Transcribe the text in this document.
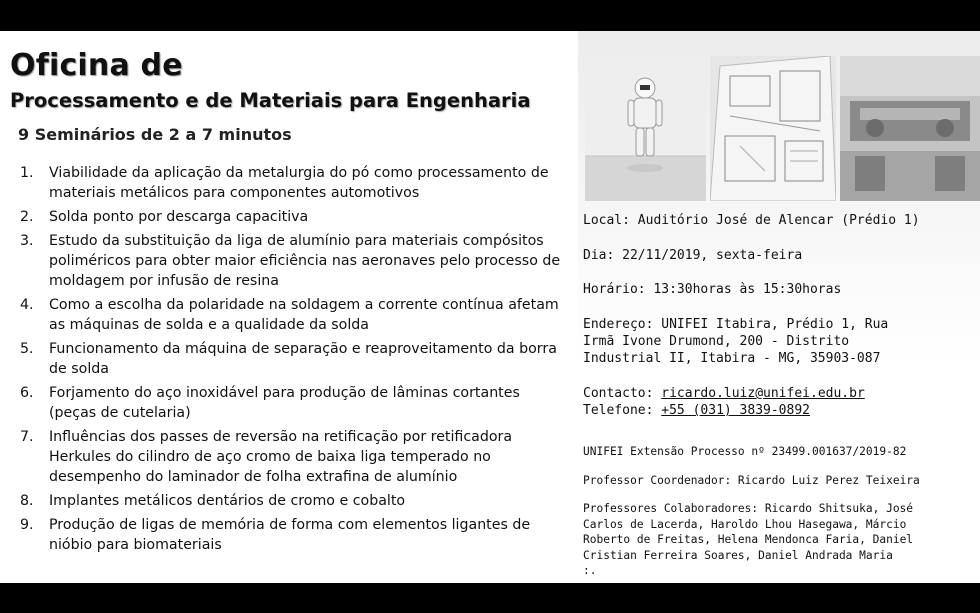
Oficina de
Processamento e de Materiais para Engenharia
9 Seminários de 2 a 7 minutos
1. Viabilidade da aplicação da metalurgia do pó como processamento de materiais metálicos para componentes automotivos
2. Solda ponto por descarga capacitiva
3. Estudo da substituição da liga de alumínio para materiais compósitos poliméricos para obter maior eficiência nas aeronaves pelo processo de moldagem por infusão de resina
4. Como a escolha da polaridade na soldagem a corrente contínua afetam as máquinas de solda e a qualidade da solda
5. Funcionamento da máquina de separação e reaproveitamento da borra de solda
6. Forjamento do aço inoxidável para produção de lâminas cortantes (peças de cutelaria)
7. Influências dos passes de reversão na retificação por retificadora Herkules do cilindro de aço cromo de baixa liga temperado no desempenho do laminador de folha extrafina de alumínio
8. Implantes metálicos dentários de cromo e cobalto
9. Produção de ligas de memória de forma com elementos ligantes de nióbio para biomateriais
Local: Auditório José de Alencar (Prédio 1)
Dia: 22/11/2019, sexta-feira
Horário: 13:30horas às 15:30horas
Endereço: UNIFEI Itabira, Prédio 1, Rua
Irmã Ivone Drumond, 200 - Distrito
Industrial II, Itabira - MG, 35903-087
Contacto: ricardo.luiz@unifei.edu.br
Telefone: +55 (031) 3839-0892
UNIFEI Extensão Processo nº 23499.001637/2019-82
Professor Coordenador: Ricardo Luiz Perez Teixeira
Professores Colaboradores: Ricardo Shitsuka, José
Carlos de Lacerda, Haroldo Lhou Hasegawa, Márcio
Roberto de Freitas, Helena Mendonca Faria, Daniel
Cristian Ferreira Soares, Daniel Andrada Maria
:.
